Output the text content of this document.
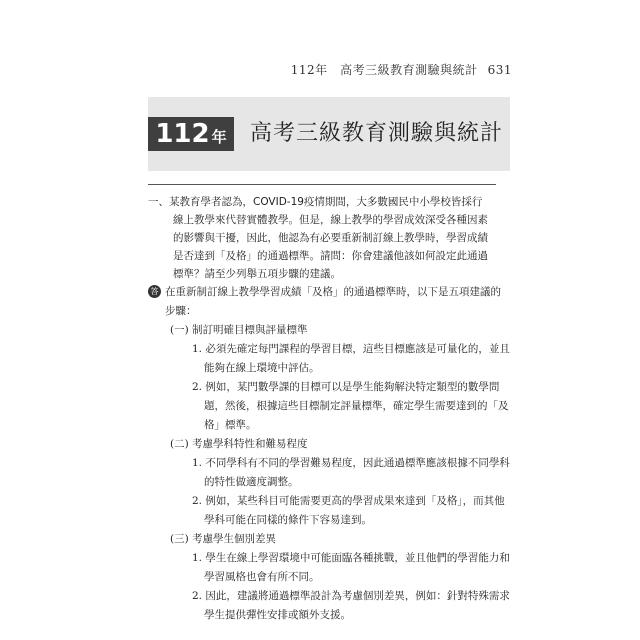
112年　高考三級教育測驗與統計 631
112 年 高考三級教育測驗與統計

一、某教育學者認為，COVID-19疫情期間，大多數國民中小學校皆採行
線上教學來代替實體教學。但是，線上教學的學習成效深受各種因素
的影響與干擾，因此，他認為有必要重新制訂線上教學時，學習成績
是否達到「及格」的通過標準。請問：你會建議他該如何設定此通過
標準？請至少列舉五項步驟的建議。

答 在重新制訂線上教學學習成績「及格」的通過標準時，以下是五項建議的
步驟：
(一) 制訂明確目標與評量標準
1. 必須先確定每門課程的學習目標，這些目標應該是可量化的，並且
能夠在線上環境中評估。
2. 例如，某門數學課的目標可以是學生能夠解決特定類型的數學問
題，然後，根據這些目標制定評量標準，確定學生需要達到的「及
格」標準。
(二) 考慮學科特性和難易程度
1. 不同學科有不同的學習難易程度，因此通過標準應該根據不同學科
的特性做適度調整。
2. 例如，某些科目可能需要更高的學習成果來達到「及格」，而其他
學科可能在同樣的條件下容易達到。
(三) 考慮學生個別差異
1. 學生在線上學習環境中可能面臨各種挑戰，並且他們的學習能力和
學習風格也會有所不同。
2. 因此，建議將通過標準設計為考慮個別差異，例如：針對特殊需求
學生提供彈性安排或額外支援。
